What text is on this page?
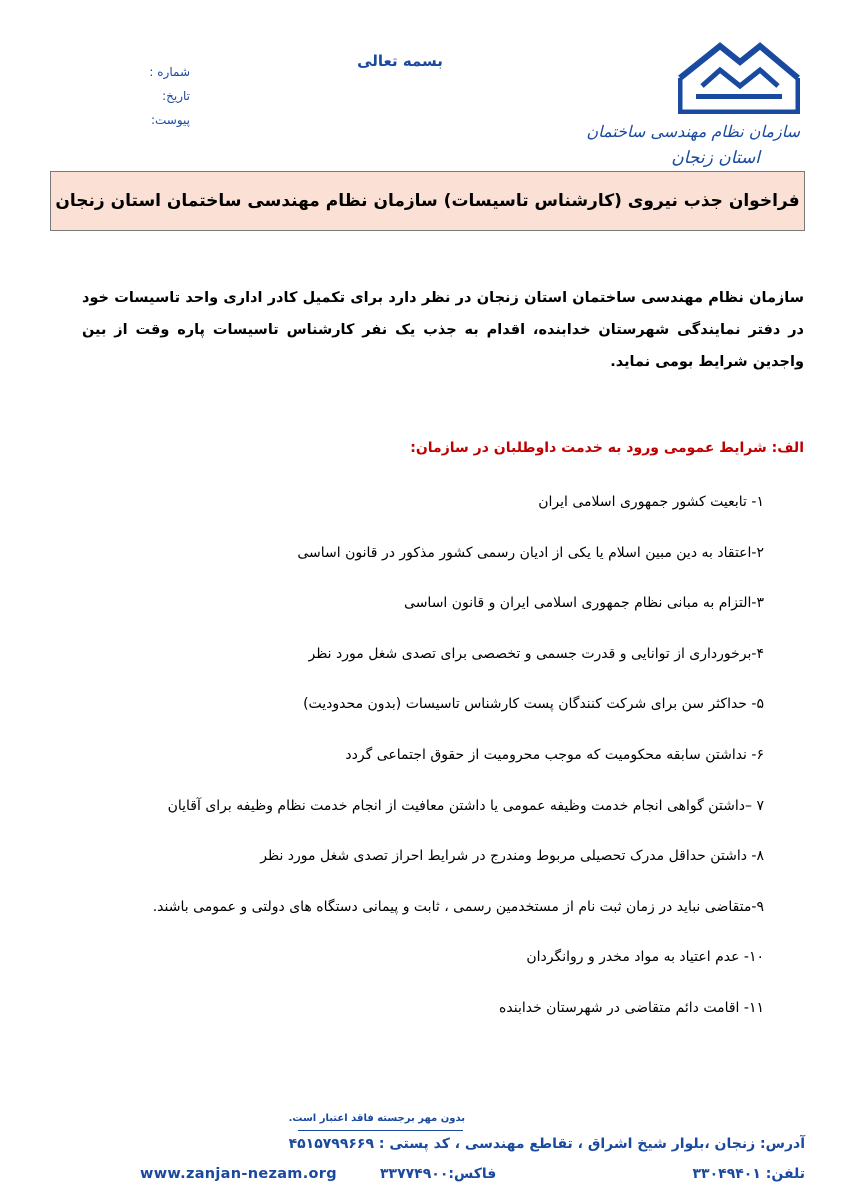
سازمان نظام مهندسی ساختمان
استان زنجان
بسمه تعالی
شماره :
تاریخ:
پیوست:
فراخوان جذب نیروی (کارشناس تاسیسات) سازمان نظام مهندسی ساختمان استان زنجان
سازمان نظام مهندسی ساختمان استان زنجان در نظر دارد برای تکمیل کادر اداری واحد تاسیسات خود در دفتر نمایندگی شهرستان خدابنده، اقدام به جذب یک نفر کارشناس تاسیسات پاره وقت از بین واجدین شرایط بومی نماید.
الف: شرایط عمومی ورود به خدمت داوطلبان در سازمان:
۱- تابعیت کشور جمهوری اسلامی ایران
۲-اعتقاد به دین مبین اسلام یا یکی از ادیان رسمی کشور مذکور در قانون اساسی
۳-التزام به مبانی نظام جمهوری اسلامی ایران و قانون اساسی
۴-برخورداری از توانایی و قدرت جسمی و تخصصی برای تصدی شغل مورد نظر
۵- حداکثر سن برای شرکت کنندگان پست کارشناس تاسیسات (بدون محدودیت)
۶- نداشتن سابقه محکومیت که موجب محرومیت از حقوق اجتماعی گردد
۷ –داشتن گواهی انجام خدمت وظیفه عمومی یا داشتن معافیت از انجام خدمت نظام وظیفه برای آقایان
۸- داشتن حداقل مدرک تحصیلی مربوط ومندرج در شرایط احراز تصدی شغل مورد نظر
۹-متقاضی نباید در زمان ثبت نام از مستخدمین رسمی ، ثابت و پیمانی دستگاه های دولتی و عمومی باشند.
۱۰- عدم اعتیاد به مواد مخدر و روانگردان
۱۱- اقامت دائم متقاضی در شهرستان خدابنده
بدون مهر برجسته فاقد اعتبار است.
آدرس: زنجان ،بلوار شیخ اشراق ، تقاطع مهندسی ، کد پستی : ۴۵۱۵۷۹۹۶۶۹
تلفن: ۳۳۰۴۹۴۰۱
فاکس:۳۳۷۷۴۹۰۰
www.zanjan-nezam.org
